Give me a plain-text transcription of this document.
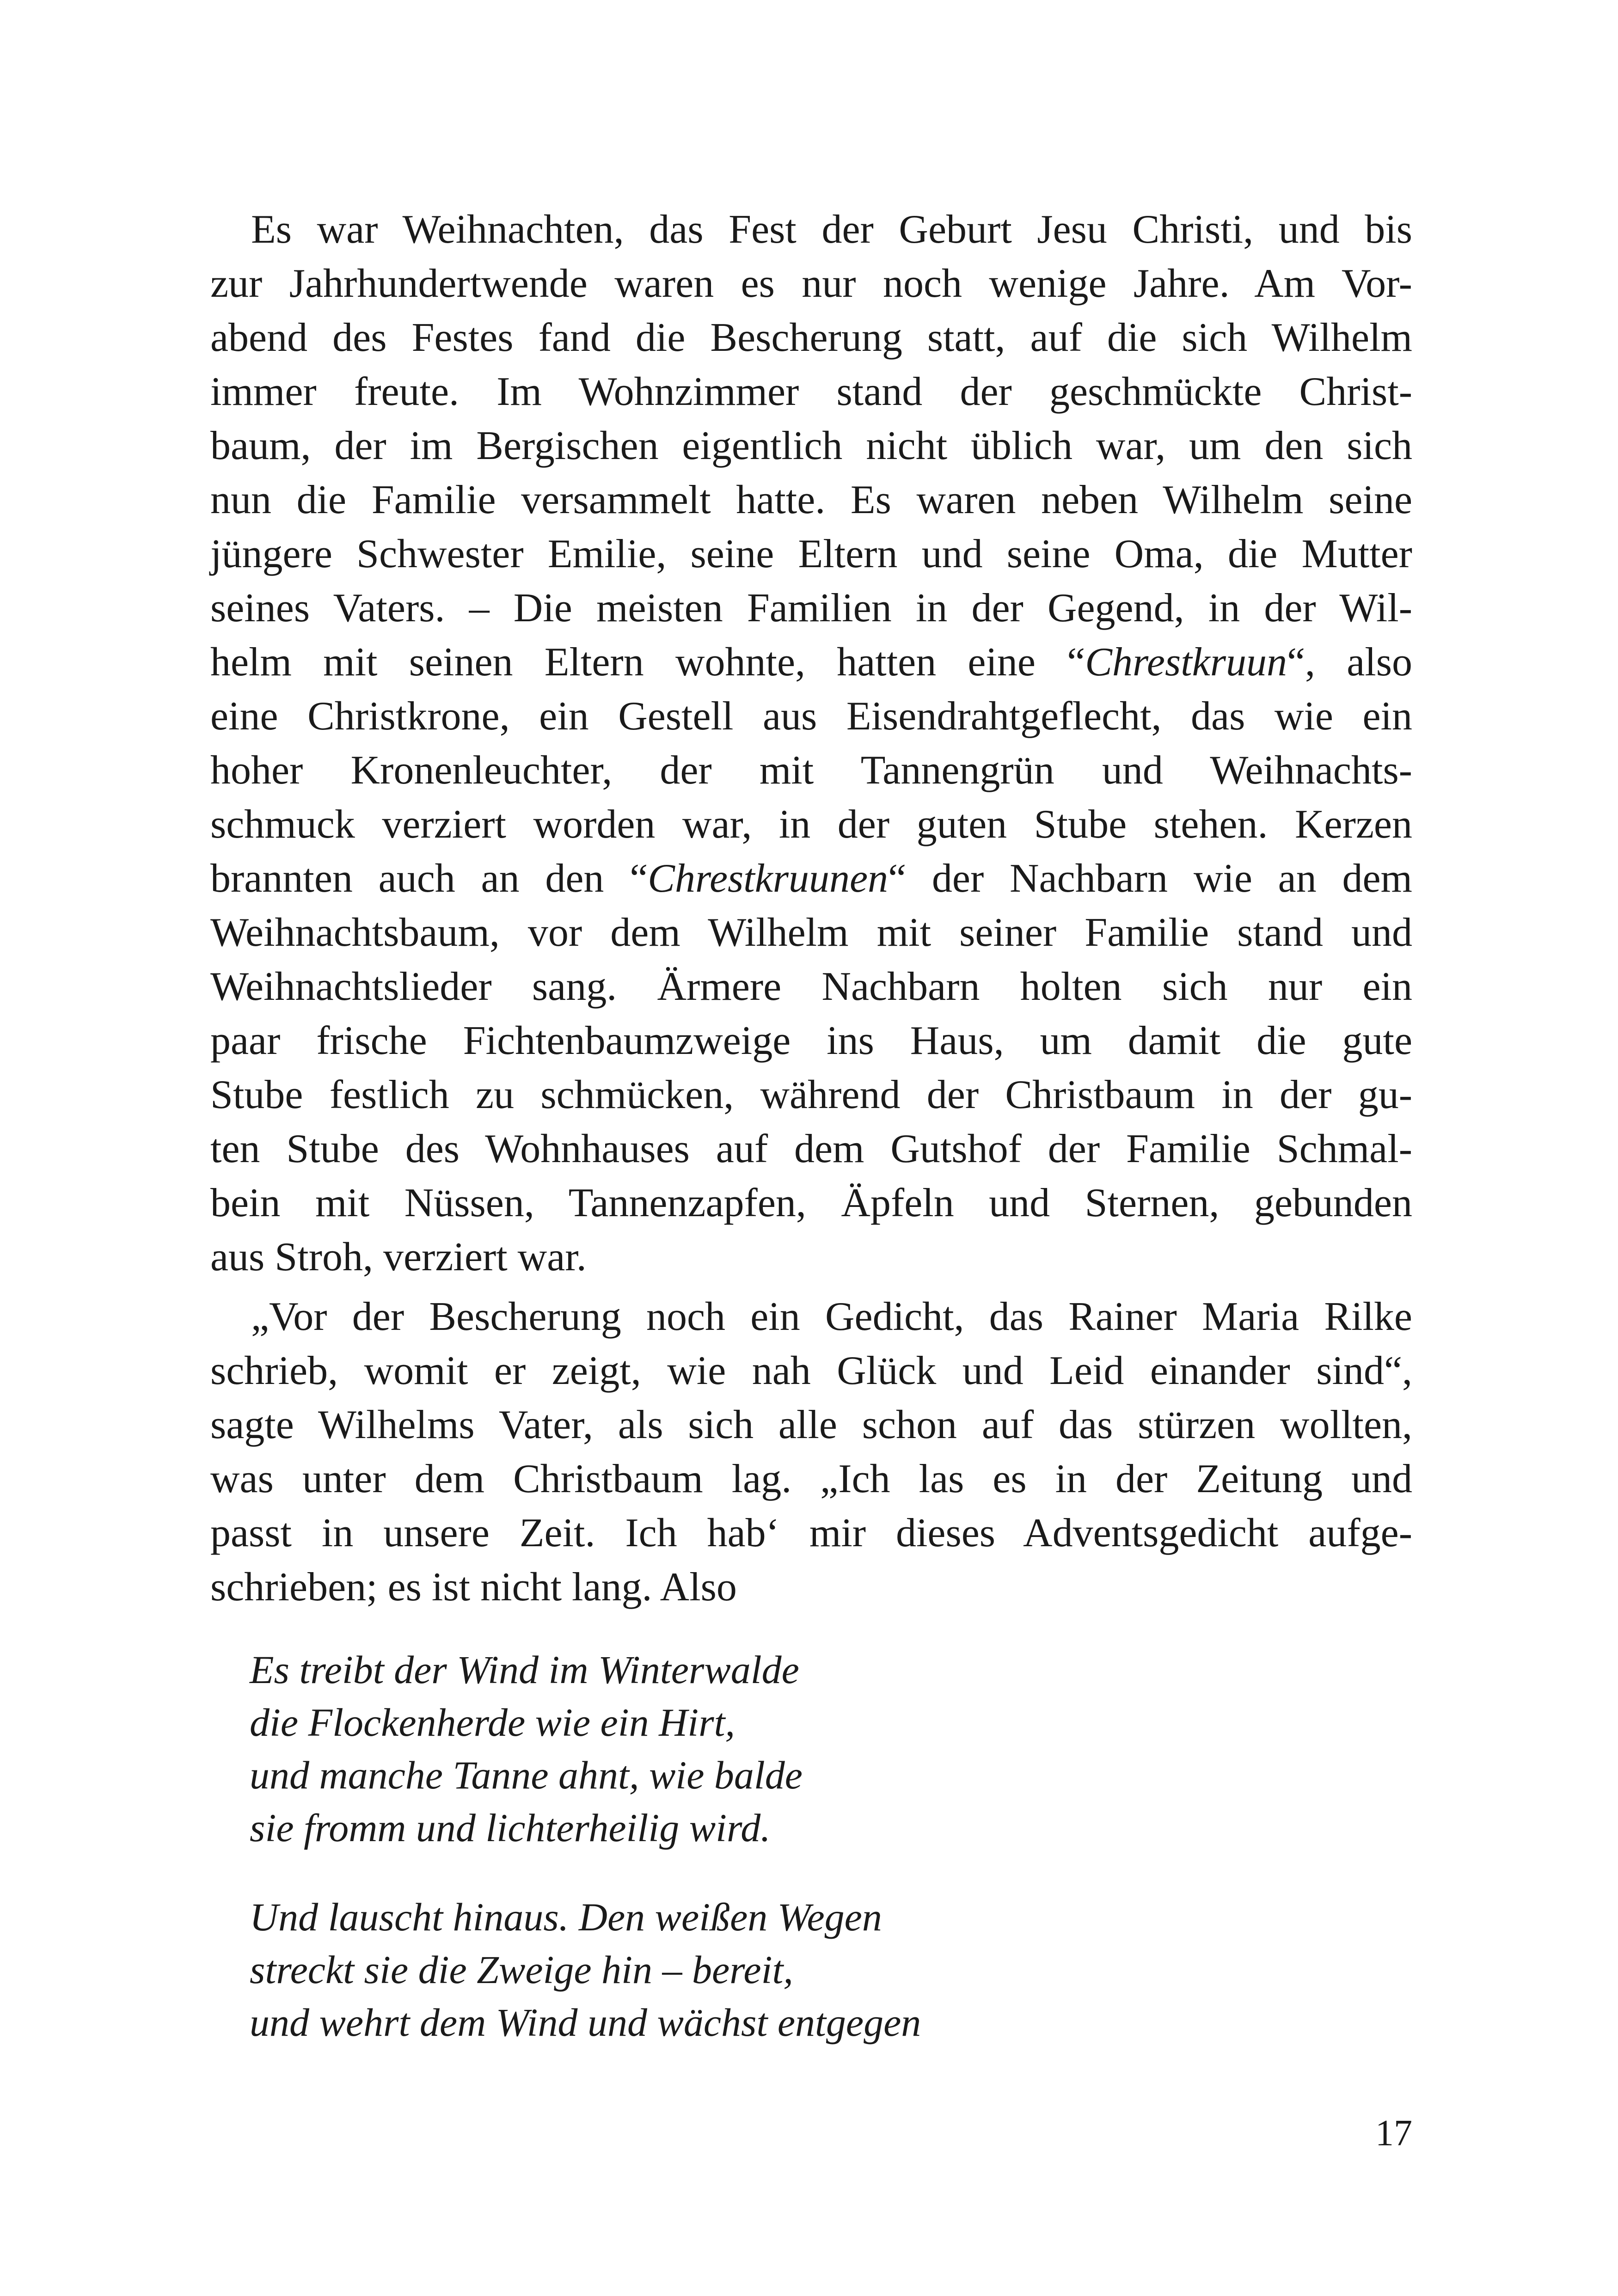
Es war Weihnachten, das Fest der Geburt Jesu Christi, und bis
zur Jahrhundertwende waren es nur noch wenige Jahre. Am Vor-
abend des Festes fand die Bescherung statt, auf die sich Wilhelm
immer freute. Im Wohnzimmer stand der geschmückte Christ-
baum, der im Bergischen eigentlich nicht üblich war, um den sich
nun die Familie versammelt hatte. Es waren neben Wilhelm seine
jüngere Schwester Emilie, seine Eltern und seine Oma, die Mutter
seines Vaters. – Die meisten Familien in der Gegend, in der Wil-
helm mit seinen Eltern wohnte, hatten eine “Chrestkruun“, also
eine Christkrone, ein Gestell aus Eisendrahtgeflecht, das wie ein
hoher Kronenleuchter, der mit Tannengrün und Weihnachts-
schmuck verziert worden war, in der guten Stube stehen. Kerzen
brannten auch an den “Chrestkruunen“ der Nachbarn wie an dem
Weihnachtsbaum, vor dem Wilhelm mit seiner Familie stand und
Weihnachtslieder sang. Ärmere Nachbarn holten sich nur ein
paar frische Fichtenbaumzweige ins Haus, um damit die gute
Stube festlich zu schmücken, während der Christbaum in der gu-
ten Stube des Wohnhauses auf dem Gutshof der Familie Schmal-
bein mit Nüssen, Tannenzapfen, Äpfeln und Sternen, gebunden
aus Stroh, verziert war.
„Vor der Bescherung noch ein Gedicht, das Rainer Maria Rilke
schrieb, womit er zeigt, wie nah Glück und Leid einander sind“,
sagte Wilhelms Vater, als sich alle schon auf das stürzen wollten,
was unter dem Christbaum lag. „Ich las es in der Zeitung und
passt in unsere Zeit. Ich hab‘ mir dieses Adventsgedicht aufge-
schrieben; es ist nicht lang. Also
Es treibt der Wind im Winterwalde
die Flockenherde wie ein Hirt,
und manche Tanne ahnt, wie balde
sie fromm und lichterheilig wird.
Und lauscht hinaus. Den weißen Wegen
streckt sie die Zweige hin – bereit,
und wehrt dem Wind und wächst entgegen
17
